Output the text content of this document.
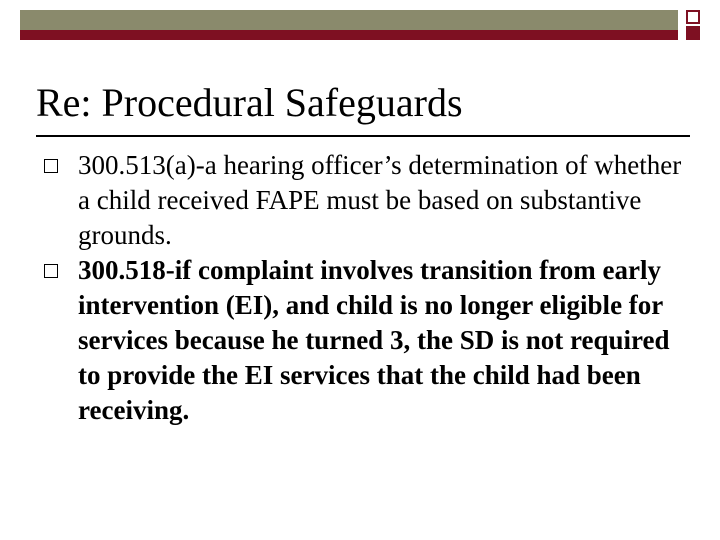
Re: Procedural Safeguards
300.513(a)-a hearing officer’s determination of whether a child received FAPE must be based on substantive grounds.
300.518-if complaint involves transition from early intervention (EI), and child is no longer eligible for services because he turned 3, the SD is not required to provide the EI services that the child had been receiving.
